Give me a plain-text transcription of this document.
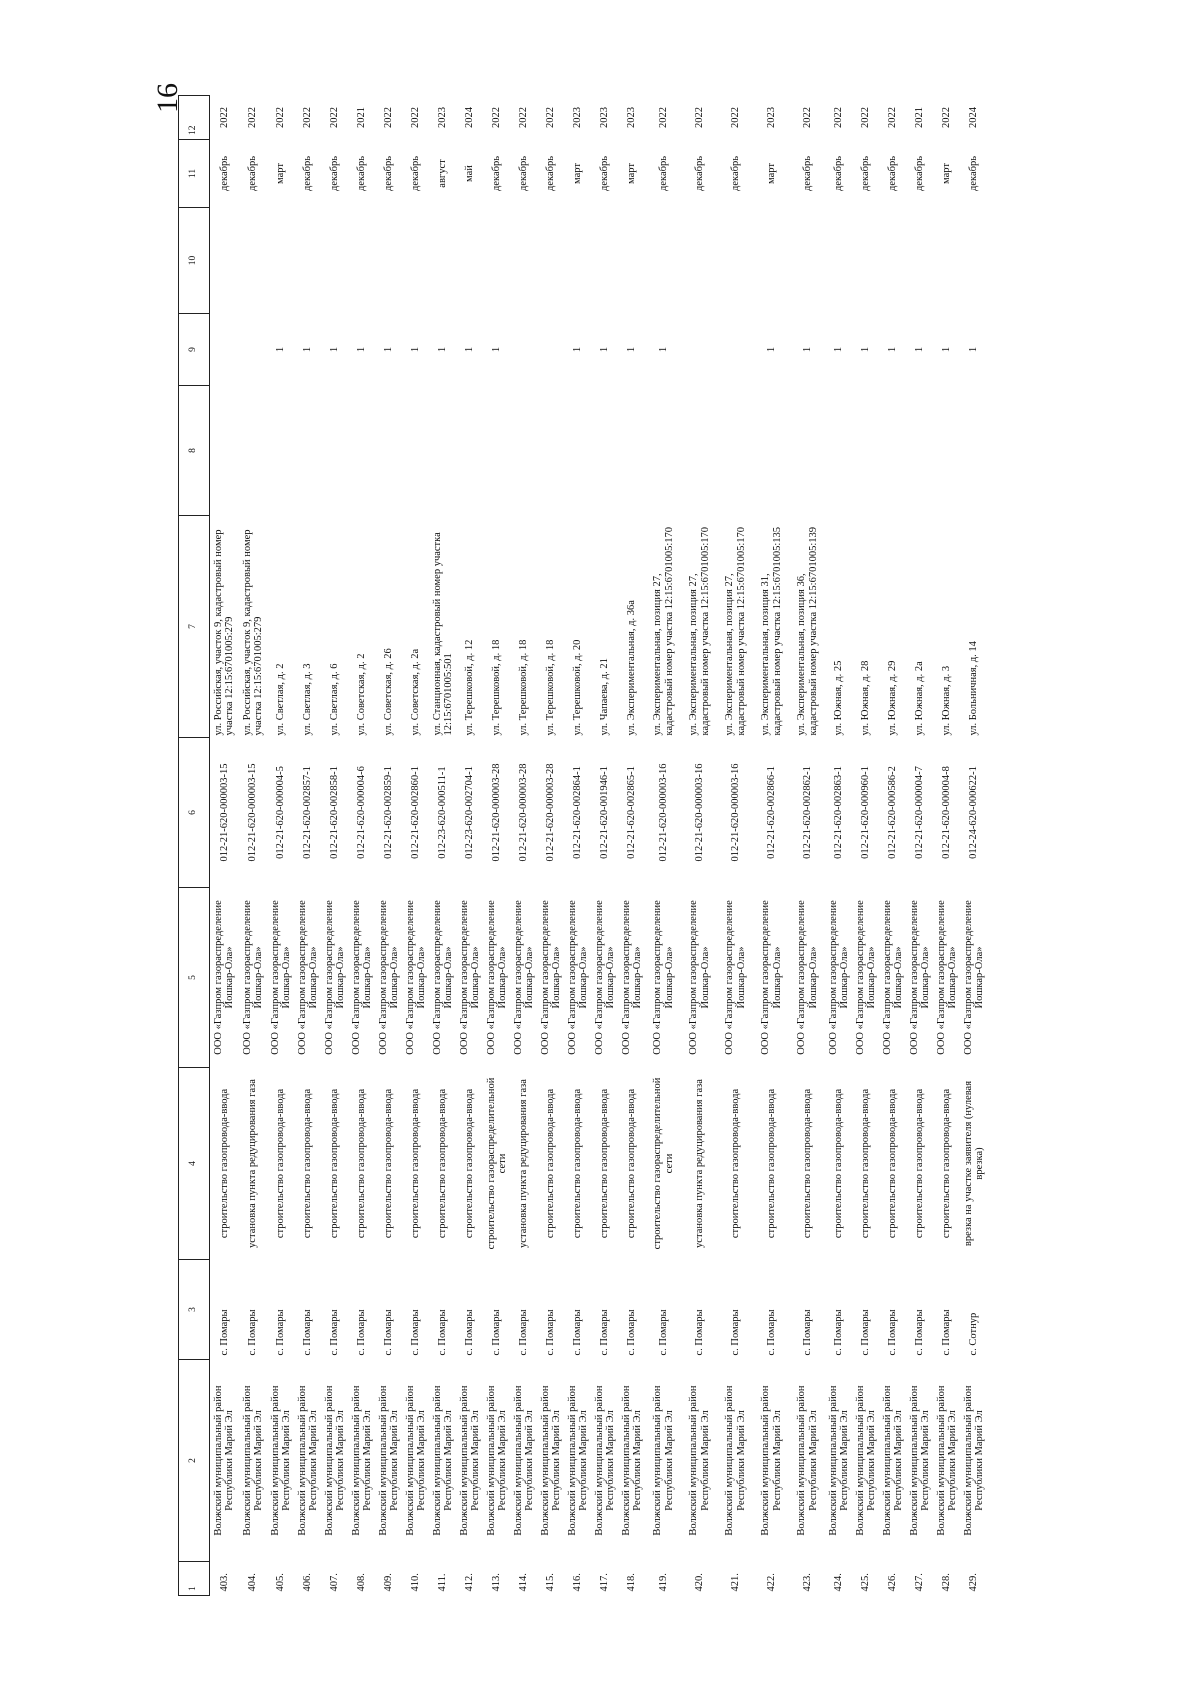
16
1	2	3	4	5	6	7	8	9	10	11	12
403.	Волжский муниципальный район Республики Марий Эл	с. Помары	строительство газопровода-ввода	ООО «Газпром газораспределение Йошкар-Ола»	012-21-620-000003-15	ул. Российская, участок 9, кадастровый номер участка 12:15:6701005:279				декабрь	2022
404.	Волжский муниципальный район Республики Марий Эл	с. Помары	установка пункта редуцирования газа	ООО «Газпром газораспределение Йошкар-Ола»	012-21-620-000003-15	ул. Российская, участок 9, кадастровый номер участка 12:15:6701005:279				декабрь	2022
405.	Волжский муниципальный район Республики Марий Эл	с. Помары	строительство газопровода-ввода	ООО «Газпром газораспределение Йошкар-Ола»	012-21-620-000004-5	ул. Светлая, д. 2		1		март	2022
406.	Волжский муниципальный район Республики Марий Эл	с. Помары	строительство газопровода-ввода	ООО «Газпром газораспределение Йошкар-Ола»	012-21-620-002857-1	ул. Светлая, д. 3		1		декабрь	2022
407.	Волжский муниципальный район Республики Марий Эл	с. Помары	строительство газопровода-ввода	ООО «Газпром газораспределение Йошкар-Ола»	012-21-620-002858-1	ул. Светлая, д. 6		1		декабрь	2022
408.	Волжский муниципальный район Республики Марий Эл	с. Помары	строительство газопровода-ввода	ООО «Газпром газораспределение Йошкар-Ола»	012-21-620-000004-6	ул. Советская, д. 2		1		декабрь	2021
409.	Волжский муниципальный район Республики Марий Эл	с. Помары	строительство газопровода-ввода	ООО «Газпром газораспределение Йошкар-Ола»	012-21-620-002859-1	ул. Советская, д. 26		1		декабрь	2022
410.	Волжский муниципальный район Республики Марий Эл	с. Помары	строительство газопровода-ввода	ООО «Газпром газораспределение Йошкар-Ола»	012-21-620-002860-1	ул. Советская, д. 2а		1		декабрь	2022
411.	Волжский муниципальный район Республики Марий Эл	с. Помары	строительство газопровода-ввода	ООО «Газпром газораспределение Йошкар-Ола»	012-23-620-000511-1	ул. Станционная, кадастровый номер участка 12:15:6701005:501		1		август	2023
412.	Волжский муниципальный район Республики Марий Эл	с. Помары	строительство газопровода-ввода	ООО «Газпром газораспределение Йошкар-Ола»	012-23-620-002704-1	ул. Терешковой, д. 12		1		май	2024
413.	Волжский муниципальный район Республики Марий Эл	с. Помары	строительство газораспределительной сети	ООО «Газпром газораспределение Йошкар-Ола»	012-21-620-000003-28	ул. Терешковой, д. 18		1		декабрь	2022
414.	Волжский муниципальный район Республики Марий Эл	с. Помары	установка пункта редуцирования газа	ООО «Газпром газораспределение Йошкар-Ола»	012-21-620-000003-28	ул. Терешковой, д. 18				декабрь	2022
415.	Волжский муниципальный район Республики Марий Эл	с. Помары	строительство газопровода-ввода	ООО «Газпром газораспределение Йошкар-Ола»	012-21-620-000003-28	ул. Терешковой, д. 18				декабрь	2022
416.	Волжский муниципальный район Республики Марий Эл	с. Помары	строительство газопровода-ввода	ООО «Газпром газораспределение Йошкар-Ола»	012-21-620-002864-1	ул. Терешковой, д. 20		1		март	2023
417.	Волжский муниципальный район Республики Марий Эл	с. Помары	строительство газопровода-ввода	ООО «Газпром газораспределение Йошкар-Ола»	012-21-620-001946-1	ул. Чапаева, д. 21		1		декабрь	2023
418.	Волжский муниципальный район Республики Марий Эл	с. Помары	строительство газопровода-ввода	ООО «Газпром газораспределение Йошкар-Ола»	012-21-620-002865-1	ул. Экспериментальная, д. 36а		1		март	2023
419.	Волжский муниципальный район Республики Марий Эл	с. Помары	строительство газораспределительной сети	ООО «Газпром газораспределение Йошкар-Ола»	012-21-620-000003-16	ул. Экспериментальная, позиция 27, кадастровый номер участка 12:15:6701005:170		1		декабрь	2022
420.	Волжский муниципальный район Республики Марий Эл	с. Помары	установка пункта редуцирования газа	ООО «Газпром газораспределение Йошкар-Ола»	012-21-620-000003-16	ул. Экспериментальная, позиция 27, кадастровый номер участка 12:15:6701005:170				декабрь	2022
421.	Волжский муниципальный район Республики Марий Эл	с. Помары	строительство газопровода-ввода	ООО «Газпром газораспределение Йошкар-Ола»	012-21-620-000003-16	ул. Экспериментальная, позиция 27, кадастровый номер участка 12:15:6701005:170				декабрь	2022
422.	Волжский муниципальный район Республики Марий Эл	с. Помары	строительство газопровода-ввода	ООО «Газпром газораспределение Йошкар-Ола»	012-21-620-002866-1	ул. Экспериментальная, позиция 31, кадастровый номер участка 12:15:6701005:135		1		март	2023
423.	Волжский муниципальный район Республики Марий Эл	с. Помары	строительство газопровода-ввода	ООО «Газпром газораспределение Йошкар-Ола»	012-21-620-002862-1	ул. Экспериментальная, позиция 36, кадастровый номер участка 12:15:6701005:139		1		декабрь	2022
424.	Волжский муниципальный район Республики Марий Эл	с. Помары	строительство газопровода-ввода	ООО «Газпром газораспределение Йошкар-Ола»	012-21-620-002863-1	ул. Южная, д. 25		1		декабрь	2022
425.	Волжский муниципальный район Республики Марий Эл	с. Помары	строительство газопровода-ввода	ООО «Газпром газораспределение Йошкар-Ола»	012-21-620-000960-1	ул. Южная, д. 28		1		декабрь	2022
426.	Волжский муниципальный район Республики Марий Эл	с. Помары	строительство газопровода-ввода	ООО «Газпром газораспределение Йошкар-Ола»	012-21-620-000586-2	ул. Южная, д. 29		1		декабрь	2022
427.	Волжский муниципальный район Республики Марий Эл	с. Помары	строительство газопровода-ввода	ООО «Газпром газораспределение Йошкар-Ола»	012-21-620-000004-7	ул. Южная, д. 2а		1		декабрь	2021
428.	Волжский муниципальный район Республики Марий Эл	с. Помары	строительство газопровода-ввода	ООО «Газпром газораспределение Йошкар-Ола»	012-21-620-000004-8	ул. Южная, д. 3		1		март	2022
429.	Волжский муниципальный район Республики Марий Эл	с. Сотнур	врезка на участке заявителя (нулевая врезка)	ООО «Газпром газораспределение Йошкар-Ола»	012-24-620-000622-1	ул. Больничная, д. 14		1		декабрь	2024
